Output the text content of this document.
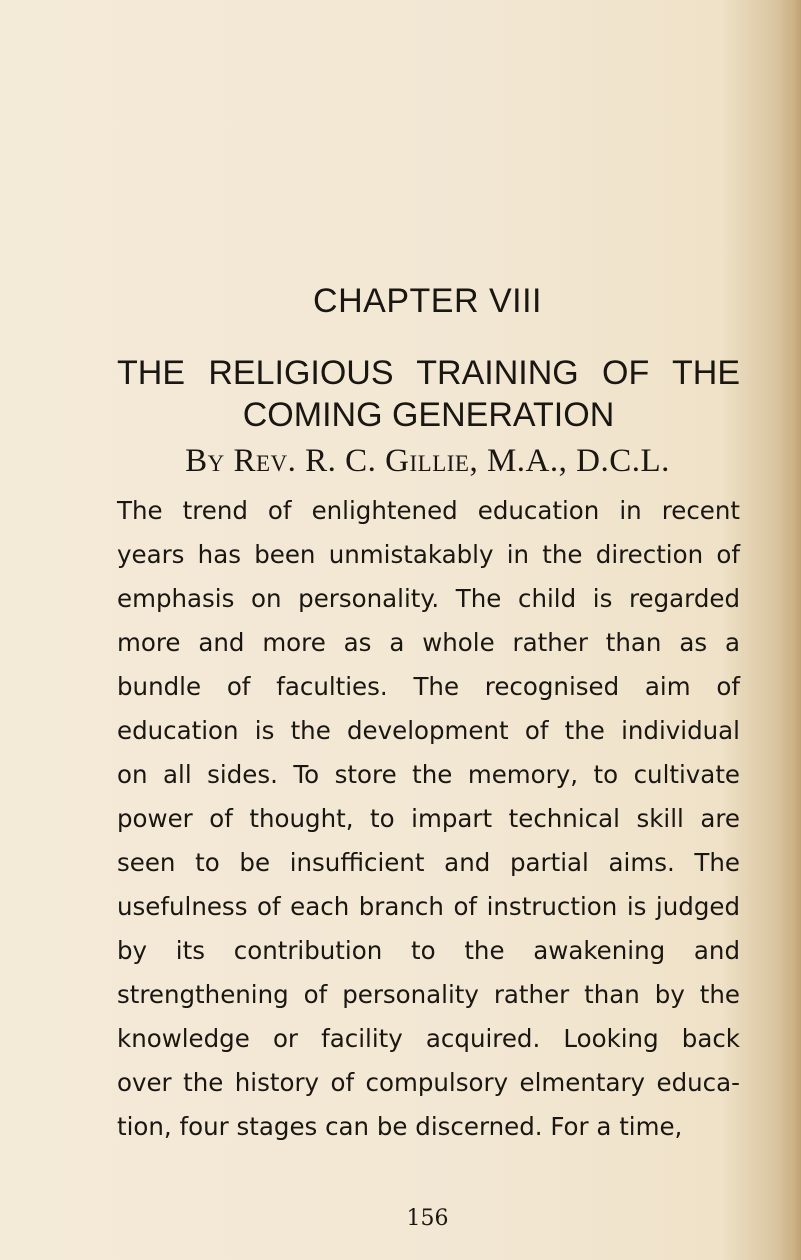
CHAPTER VIII
THE RELIGIOUS TRAINING OF THE
COMING GENERATION
By Rev. R. C. Gillie, M.A., D.C.L.
The trend of enlightened education in recent
years has been unmistakably in the direction of
emphasis on personality. The child is regarded
more and more as a whole rather than as a
bundle of faculties. The recognised aim of
education is the development of the individual
on all sides. To store the memory, to cultivate
power of thought, to impart technical skill are
seen to be insufficient and partial aims. The
usefulness of each branch of instruction is judged
by its contribution to the awakening and
strengthening of personality rather than by the
knowledge or facility acquired. Looking back
over the history of compulsory elmentary educa-
tion, four stages can be discerned. For a time,
156
